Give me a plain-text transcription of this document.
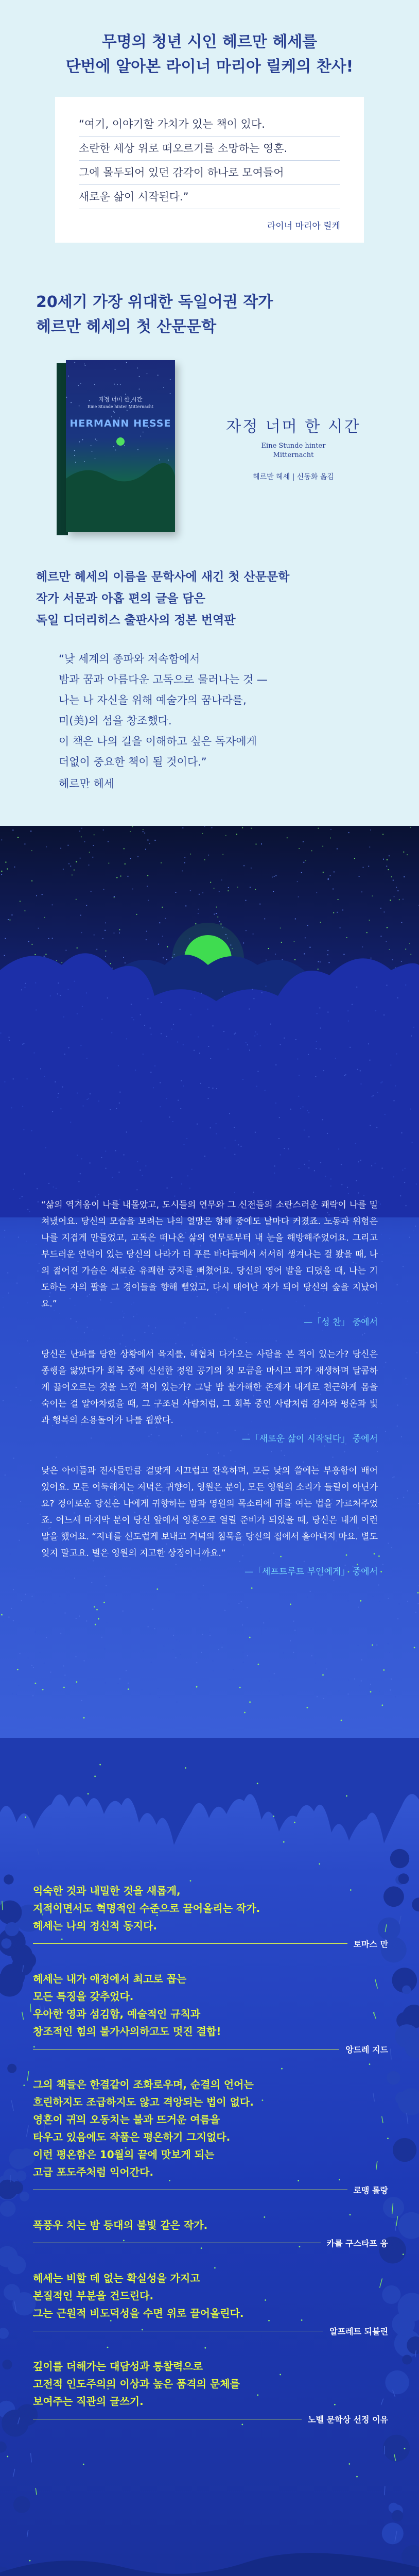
무명의 청년 시인 헤르만 헤세를
단번에 알아본 라이너 마리아 릴케의 찬사!
“여기, 이야기할 가치가 있는 책이 있다.
소란한 세상 위로 떠오르기를 소망하는 영혼.
그에 몰두되어 있던 감각이 하나로 모여들어
새로운 삶이 시작된다.”
라이너 마리아 릴케
20세기 가장 위대한 독일어권 작가
헤르만 헤세의 첫 산문문학
자정 너머 한 시간
Eine Stunde hinter Mitternacht
HERMANN HESSE	자정 너머 한 시간
Eine Stunde hinter
Mitternacht
헤르만 헤세 | 신동화 옮김
헤르만 헤세의 이름을 문학사에 새긴 첫 산문문학
작가 서문과 아홉 편의 글을 담은
독일 디더리히스 출판사의 정본 번역판
“낮 세계의 종파와 저속함에서
밤과 꿈과 아름다운 고독으로 물러나는 것 —
나는 나 자신을 위해 예술가의 꿈나라를,
미(美)의 섬을 창조했다.
이 책은 나의 길을 이해하고 싶은 독자에게
더없이 중요한 책이 될 것이다.”
헤르만 헤세
“삶의 역겨움이 나를 내몰았고, 도시들의 연무와 그 신전들의 소란스러운 쾌락이 나를 밀쳐냈어요. 당신의 모습을 보려는 나의 열망은 항해 중에도 날마다 커졌죠. 노동과 위험은 나를 지겹게 만들었고, 고독은 떠나온 삶의 연무로부터 내 눈을 해방해주었어요. 그리고 부드러운 언덕이 있는 당신의 나라가 더 푸른 바다들에서 서서히 생겨나는 걸 봤을 때, 나의 젊어진 가슴은 새로운 유쾌한 궁지를 뻐쳤어요. 당신의 영어 발을 디뎠을 때, 나는 기도하는 자의 팔을 그 경이들을 향해 뻗었고, 다시 태어난 자가 되어 당신의 숲을 지났어요.”
—「성 찬」 중에서
당신은 난파를 당한 상황에서 육지를, 해협처 다가오는 사람을 본 적이 있는가? 당신은 종행을 앓았다가 회복 중에 신선한 정원 공기의 첫 모금을 마시고 피가 재생하며 달콤하게 끓어오르는 것을 느낀 적이 있는가? 그날 밤 불가해한 존재가 내게로 천근하게 몸을 숙이는 걸 알아차렸을 때, 그 구조된 사람처럼, 그 회복 중인 사람처럼 감사와 평온과 빛과 행복의 소용돌이가 나를 휩쌌다.
—「새로운 삶이 시작된다」 중에서
낮은 아이들과 전사들만큼 걸맞게 시끄럽고 잔혹하며, 모든 낮의 쓸에는 부흥함이 배어 있어요. 모든 어둑해지는 저녁은 귀향이, 영원은 분이, 모든 영원의 소리가 들릴이 아닌가요? 경이로운 당신은 나에게 귀향하는 밤과 영원의 목소리에 귀를 여는 법을 가르쳐주었죠. 어느새 마지막 분이 당신 앞에서 영혼으로 열릴 준비가 되었을 때, 당신은 내게 이런 말을 했어요. “지네를 신도럽게 보내고 거녁의 침묵을 당신의 집에서 흘아내지 마요. 별도 잊지 말고요. 별은 영원의 지고한 상징이니까요.”
—「세프트루트 부인에게」 중에서
익숙한 것과 내밀한 것을 새롭게,
지적이면서도 혁명적인 수준으로 끌어올리는 작가.
헤세는 나의 정신적 동지다.
토마스 만
헤세는 내가 애정에서 최고로 꼽는
모든 특징을 갖추었다.
우아한 영과 섬김함, 예술적인 규칙과
창조적인 힘의 불가사의하고도 멋진 결합!
앙드레 지드
그의 책들은 한결같이 조화로우며, 순결의 언어는
흐린하지도 조급하지도 않고 격앙되는 법이 없다.
영혼이 귀의 오동치는 불과 뜨거운 여름을
타우고 있음에도 작품은 평온하기 그지없다.
이런 평온함은 10월의 끝에 맛보게 되는
고급 포도주처럼 익어간다.
로맹 롤랑
폭풍우 치는 밤 등대의 불빛 같은 작가.
카를 구스타프 융
헤세는 비할 데 없는 확실성을 가지고
본질적인 부분을 건드린다.
그는 근원적 비도덕성을 수면 위로 끌어올린다.
알프레트 되블린
깊이를 더해가는 대담성과 통찰력으로
고전적 인도주의의 이상과 높은 품격의 문체를
보여주는 직관의 글쓰기.
노벨 문학상 선정 이유
